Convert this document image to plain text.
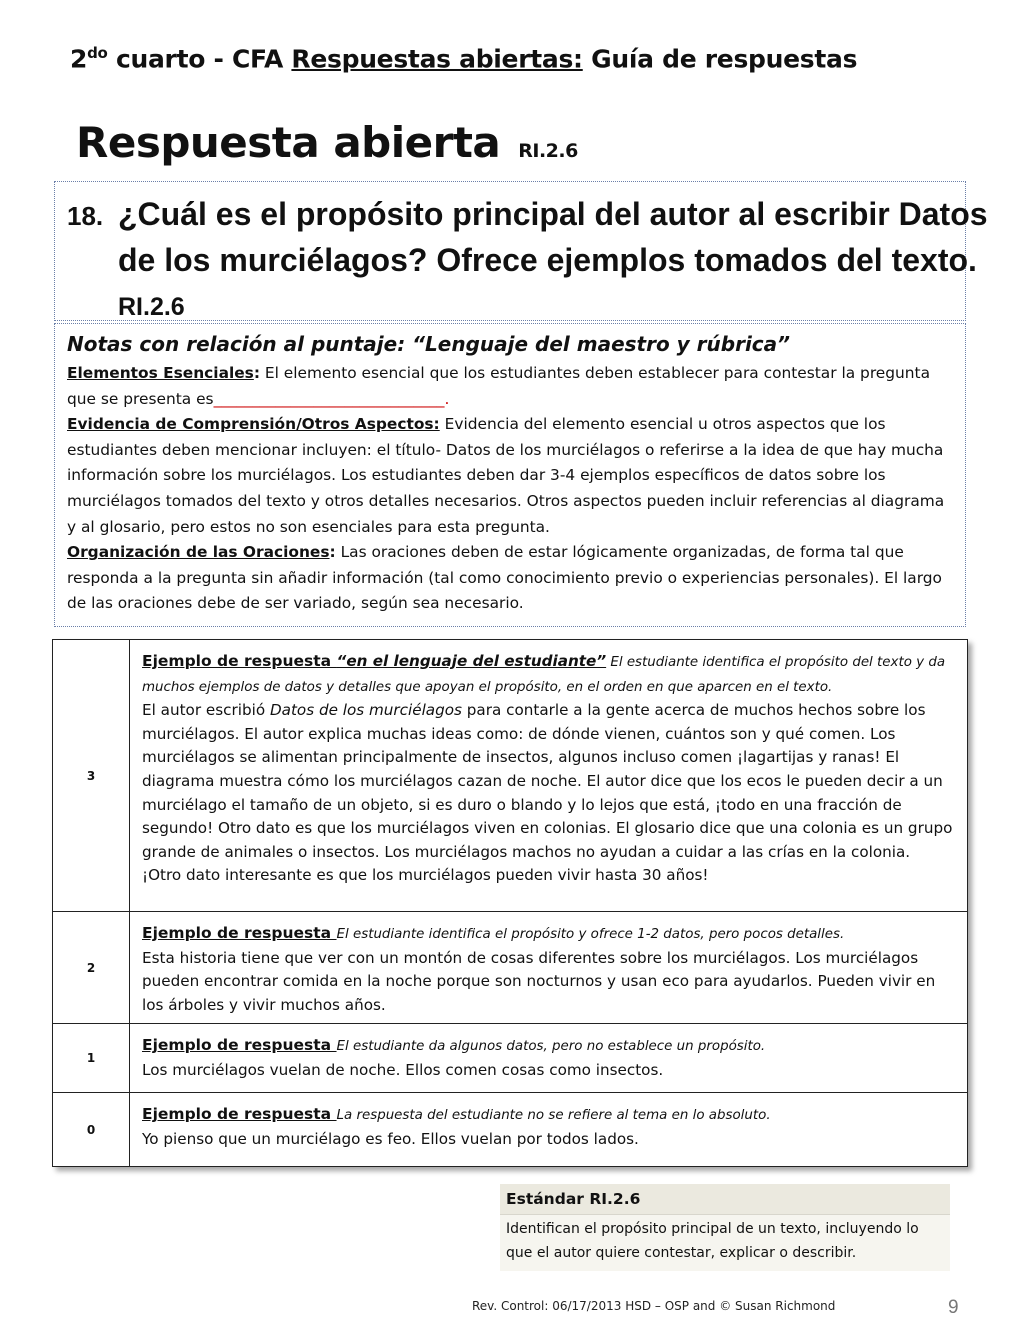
$2^{do}$ cuarto - CFA Respuestas abiertas: Guía de respuestas
Respuesta abierta RI.2.6
18. ¿Cuál es el propósito principal del autor al escribir Datos de los murciélagos? Ofrece ejemplos tomados del texto. RI.2.6
Notas con relación al puntaje: “Lenguaje del maestro y rúbrica”

Elementos Esenciales: El elemento esencial que los estudiantes deben establecer para contestar la pregunta que se presenta es______________________________.

Evidencia de Comprensión/Otros Aspectos: Evidencia del elemento esencial u otros aspectos que los estudiantes deben mencionar incluyen: el título- Datos de los murciélagos o referirse a la idea de que hay mucha información sobre los murciélagos. Los estudiantes deben dar 3-4 ejemplos específicos de datos sobre los murciélagos tomados del texto y otros detalles necesarios. Otros aspectos pueden incluir referencias al diagrama y al glosario, pero estos no son esenciales para esta pregunta.

Organización de las Oraciones: Las oraciones deben de estar lógicamente organizadas, de forma tal que responda a la pregunta sin añadir información (tal como conocimiento previo o experiencias personales). El largo de las oraciones debe de ser variado, según sea necesario.

3	Ejemplo de respuesta “en el lenguaje del estudiante” El estudiante identifica el propósito del texto y da muchos ejemplos de datos y detalles que apoyan el propósito, en el orden en que aparcen en el texto.
El autor escribió Datos de los murciélagos para contarle a la gente acerca de muchos hechos sobre los murciélagos. El autor explica muchas ideas como: de dónde vienen, cuántos son y qué comen. Los murciélagos se alimentan principalmente de insectos, algunos incluso comen ¡lagartijas y ranas! El diagrama muestra cómo los murciélagos cazan de noche. El autor dice que los ecos le pueden decir a un murciélago el tamaño de un objeto, si es duro o blando y lo lejos que está, ¡todo en una fracción de segundo! Otro dato es que los murciélagos viven en colonias. El glosario dice que una colonia es un grupo grande de animales o insectos. Los murciélagos machos no ayudan a cuidar a las crías en la colonia. ¡Otro dato interesante es que los murciélagos pueden vivir hasta 30 años!
2	Ejemplo de respuesta El estudiante identifica el propósito y ofrece 1-2 datos, pero pocos detalles.
Esta historia tiene que ver con un montón de cosas diferentes sobre los murciélagos. Los murciélagos pueden encontrar comida en la noche porque son nocturnos y usan eco para ayudarlos. Pueden vivir en los árboles y vivir muchos años.
1	Ejemplo de respuesta El estudiante da algunos datos, pero no establece un propósito.
Los murciélagos vuelan de noche. Ellos comen cosas como insectos.
0	Ejemplo de respuesta La respuesta del estudiante no se refiere al tema en lo absoluto.
Yo pienso que un murciélago es feo. Ellos vuelan por todos lados.
Estándar RI.2.6
Identifican el propósito principal de un texto, incluyendo lo que el autor quiere contestar, explicar o describir.
Rev. Control: 06/17/2013 HSD – OSP and © Susan Richmond	9
